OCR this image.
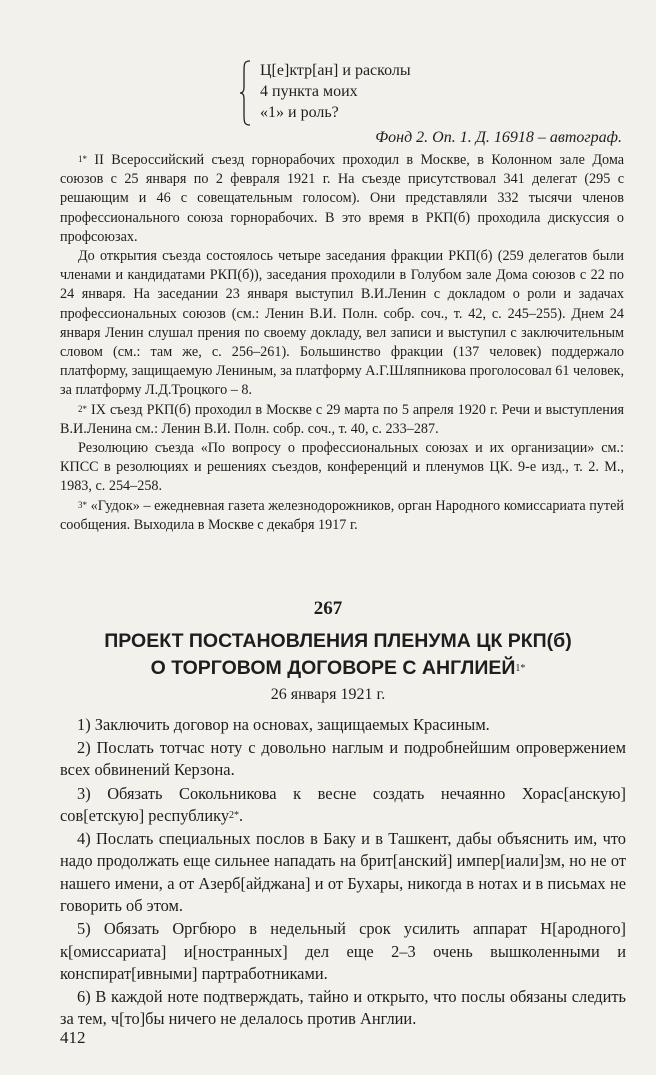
Ц[е]ктр[ан] и расколы
4 пункта моих
«1» и роль?
Фонд 2. Оп. 1. Д. 16918 – автограф.

$^{1*}$ II Всероссийский съезд горнорабочих проходил в Москве, в Колонном зале Дома союзов с 25 января по 2 февраля 1921 г. На съезде присутствовал 341 делегат (295 с решающим и 46 с совещательным голосом). Они представляли 332 тысячи членов профессионального союза горнорабочих. В это время в РКП(б) проходила дискуссия о профсоюзах.

До открытия съезда состоялось четыре заседания фракции РКП(б) (259 делегатов были членами и кандидатами РКП(б)), заседания проходили в Голубом зале Дома союзов с 22 по 24 января. На заседании 23 января выступил В.И.Ленин с докладом о роли и задачах профессиональных союзов (см.: Ленин В.И. Полн. собр. соч., т. 42, с. 245–255). Днем 24 января Ленин слушал прения по своему докладу, вел записи и выступил с заключительным словом (см.: там же, с. 256–261). Большинство фракции (137 человек) поддержало платформу, защищаемую Лениным, за платформу А.Г.Шляпникова проголосовал 61 человек, за платформу Л.Д.Троцкого – 8.

$^{2*}$ IX съезд РКП(б) проходил в Москве с 29 марта по 5 апреля 1920 г. Речи и выступления В.И.Ленина см.: Ленин В.И. Полн. собр. соч., т. 40, с. 233–287.

Резолюцию съезда «По вопросу о профессиональных союзах и их организации» см.: КПСС в резолюциях и решениях съездов, конференций и пленумов ЦК. 9-е изд., т. 2. М., 1983, с. 254–258.

$^{3*}$ «Гудок» – ежедневная газета железнодорожников, орган Народного комиссариата путей сообщения. Выходила в Москве с декабря 1917 г.

267
ПРОЕКТ ПОСТАНОВЛЕНИЯ ПЛЕНУМА ЦК РКП(б)
О ТОРГОВОМ ДОГОВОРЕ С $АНГЛИЕЙ^{1*}$
26 января 1921 г.

1) Заключить договор на основах, защищаемых Красиным.

2) Послать тотчас ноту с довольно наглым и подробнейшим опровержением всех обвинений Керзона.

3) Обязать Сокольникова к весне создать нечаянно Хорас[анскую] сов[етскую] республику$^{2*}$.

4) Послать специальных послов в Баку и в Ташкент, дабы объяснить им, что надо продолжать еще сильнее нападать на брит[анский] импер[иали]зм, но не от нашего имени, а от Азерб[айджана] и от Бухары, никогда в нотах и в письмах не говорить об этом.

5) Обязать Оргбюро в недельный срок усилить аппарат Н[ародного] к[омиссариата] и[ностранных] дел еще 2–3 очень вышколенными и конспират[ивными] партработниками.

6) В каждой ноте подтверждать, тайно и открыто, что послы обязаны следить за тем, ч[то]бы ничего не делалось против Англии.

412
